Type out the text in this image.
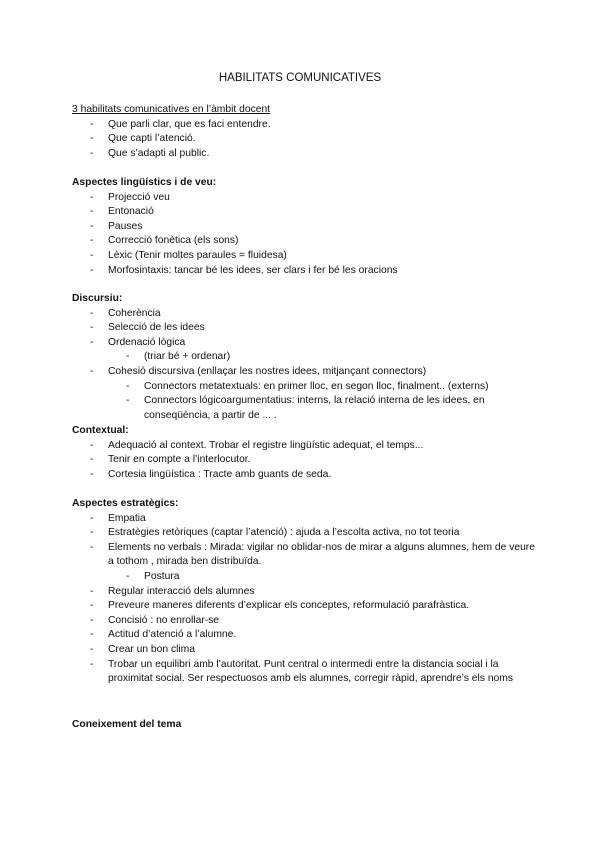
HABILITATS COMUNICATIVES
3 habilitats comunicatives en l’àmbit docent
- Que parli clar, que es faci entendre.
- Que capti l’atenció.
- Que s’adapti al public.
Aspectes lingüístics i de veu:
- Projecció veu
- Entonació
- Pauses
- Correcció fonètica (els sons)
- Lèxic (Tenir moltes paraules = fluidesa)
- Morfosintaxis: tancar bé les idees, ser clars i fer bé les oracions
Discursiu:
- Coherència
- Selecció de les idees
- Ordenació lògica
- (triar bé + ordenar)
- Cohesió discursiva (enllaçar les nostres idees, mitjançant connectors)
- Connectors metatextuals: en primer lloc, en segon lloc, finalment.. (externs)
- Connectors lógicoargumentatius: interns, la relació interna de les idees, en conseqüència, a partir de ... .
Contextual:
- Adequació al context. Trobar el registre lingüístic adequat, el temps...
- Tenir en compte a l’interlocutor.
- Cortesia lingüística : Tracte amb guants de seda.
Aspectes estratègics:
- Empatia
- Estratègies retòriques (captar l’atenció) : ajuda a l’escolta activa, no tot teoria
- Elements no verbals : Mirada: vigilar no oblidar-nos de mirar a alguns alumnes, hem de veure a tothom , mirada ben distribuïda.
- Postura
- Regular interacció dels alumnes
- Preveure maneres diferents d’explicar els conceptes, reformulació parafràstica.
- Concisió : no enrollar-se
- Actitud d’atenció a l’alumne.
- Crear un bon clima
- Trobar un equilibri amb l’autoritat. Punt central o intermedi entre la distancia social i la proximitat social. Ser respectuosos amb els alumnes, corregir ràpid, aprendre’s els noms
Coneixement del tema
